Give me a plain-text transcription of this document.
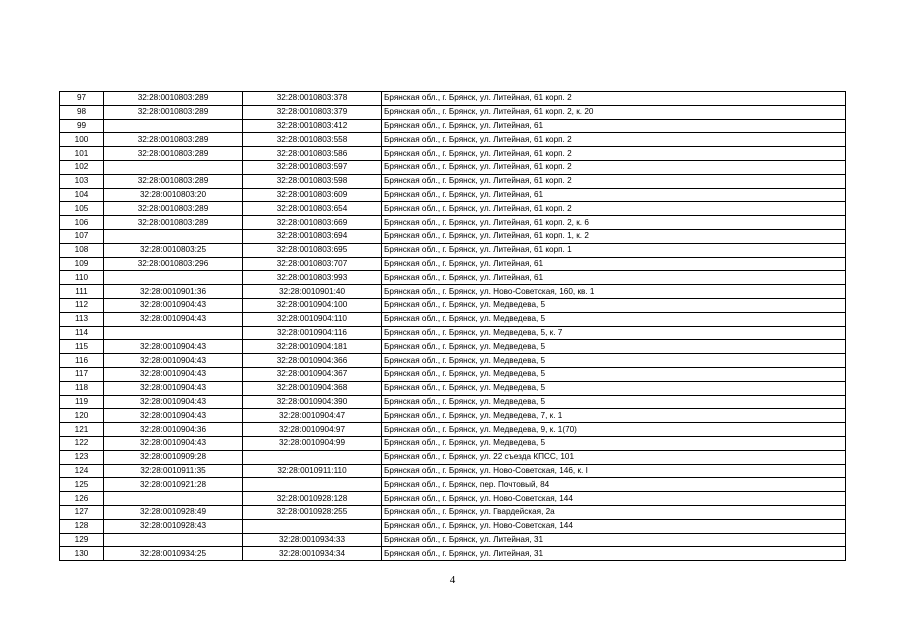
97	32:28:0010803:289	32:28:0010803:378	Брянская обл., г. Брянск, ул. Литейная, 61 корп. 2
98	32:28:0010803:289	32:28:0010803:379	Брянская обл., г. Брянск, ул. Литейная, 61 корп. 2, к. 20
99		32:28:0010803:412	Брянская обл., г. Брянск, ул. Литейная, 61
100	32:28:0010803:289	32:28:0010803:558	Брянская обл., г. Брянск, ул. Литейная, 61 корп. 2
101	32:28:0010803:289	32:28:0010803:586	Брянская обл., г. Брянск, ул. Литейная, 61 корп. 2
102		32:28:0010803:597	Брянская обл., г. Брянск, ул. Литейная, 61 корп. 2
103	32:28:0010803:289	32:28:0010803:598	Брянская обл., г. Брянск, ул. Литейная, 61 корп. 2
104	32:28:0010803:20	32:28:0010803:609	Брянская обл., г. Брянск, ул. Литейная, 61
105	32:28:0010803:289	32:28:0010803:654	Брянская обл., г. Брянск, ул. Литейная, 61 корп. 2
106	32:28:0010803:289	32:28:0010803:669	Брянская обл., г. Брянск, ул. Литейная, 61 корп. 2, к. 6
107		32:28:0010803:694	Брянская обл., г. Брянск, ул. Литейная, 61 корп. 1, к. 2
108	32:28:0010803:25	32:28:0010803:695	Брянская обл., г. Брянск, ул. Литейная, 61 корп. 1
109	32:28:0010803:296	32:28:0010803:707	Брянская обл., г. Брянск, ул. Литейная, 61
110		32:28:0010803:993	Брянская обл., г. Брянск, ул. Литейная, 61
111	32:28:0010901:36	32:28:0010901:40	Брянская обл., г. Брянск, ул. Ново-Советская, 160, кв. 1
112	32:28:0010904:43	32:28:0010904:100	Брянская обл., г. Брянск, ул. Медведева, 5
113	32:28:0010904:43	32:28:0010904:110	Брянская обл., г. Брянск, ул. Медведева, 5
114		32:28:0010904:116	Брянская обл., г. Брянск, ул. Медведева, 5, к. 7
115	32:28:0010904:43	32:28:0010904:181	Брянская обл., г. Брянск, ул. Медведева, 5
116	32:28:0010904:43	32:28:0010904:366	Брянская обл., г. Брянск, ул. Медведева, 5
117	32:28:0010904:43	32:28:0010904:367	Брянская обл., г. Брянск, ул. Медведева, 5
118	32:28:0010904:43	32:28:0010904:368	Брянская обл., г. Брянск, ул. Медведева, 5
119	32:28:0010904:43	32:28:0010904:390	Брянская обл., г. Брянск, ул. Медведева, 5
120	32:28:0010904:43	32:28:0010904:47	Брянская обл., г. Брянск, ул. Медведева, 7, к. 1
121	32:28:0010904:36	32:28:0010904:97	Брянская обл., г. Брянск, ул. Медведева, 9, к. 1(70)
122	32:28:0010904:43	32:28:0010904:99	Брянская обл., г. Брянск, ул. Медведева, 5
123	32:28:0010909:28		Брянская обл., г. Брянск, ул. 22 съезда КПСС, 101
124	32:28:0010911:35	32:28:0010911:110	Брянская обл., г. Брянск, ул. Ново-Советская, 146, к. I
125	32:28:0010921:28		Брянская обл., г. Брянск, пер. Почтовый, 84
126		32:28:0010928:128	Брянская обл., г. Брянск, ул. Ново-Советская, 144
127	32:28:0010928:49	32:28:0010928:255	Брянская обл., г. Брянск, ул. Гвардейская, 2а
128	32:28:0010928:43		Брянская обл., г. Брянск, ул. Ново-Советская, 144
129		32:28:0010934:33	Брянская обл., г. Брянск, ул. Литейная, 31
130	32:28:0010934:25	32:28:0010934:34	Брянская обл., г. Брянск, ул. Литейная, 31
4
